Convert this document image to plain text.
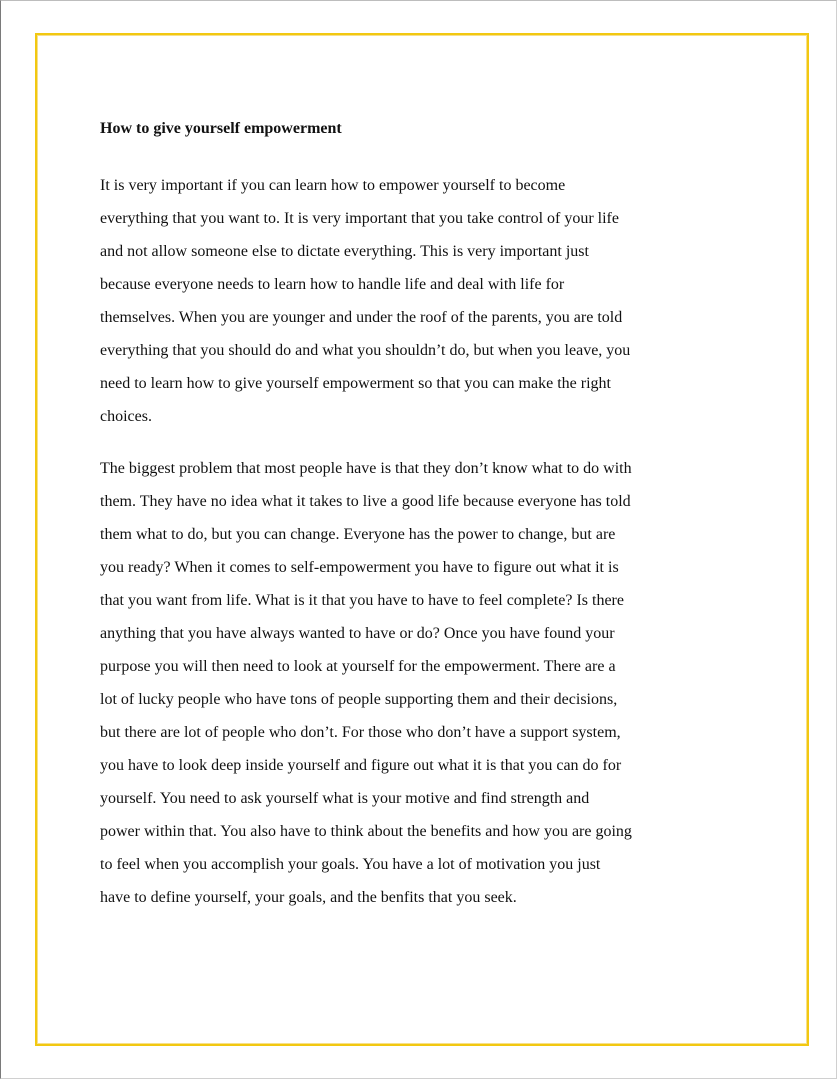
How to give yourself empowerment
It is very important if you can learn how to empower yourself to become
everything that you want to. It is very important that you take control of your life
and not allow someone else to dictate everything. This is very important just
because everyone needs to learn how to handle life and deal with life for
themselves. When you are younger and under the roof of the parents, you are told
everything that you should do and what you shouldn’t do, but when you leave, you
need to learn how to give yourself empowerment so that you can make the right
choices.
The biggest problem that most people have is that they don’t know what to do with
them. They have no idea what it takes to live a good life because everyone has told
them what to do, but you can change. Everyone has the power to change, but are
you ready? When it comes to self-empowerment you have to figure out what it is
that you want from life. What is it that you have to have to feel complete? Is there
anything that you have always wanted to have or do? Once you have found your
purpose you will then need to look at yourself for the empowerment. There are a
lot of lucky people who have tons of people supporting them and their decisions,
but there are lot of people who don’t. For those who don’t have a support system,
you have to look deep inside yourself and figure out what it is that you can do for
yourself. You need to ask yourself what is your motive and find strength and
power within that. You also have to think about the benefits and how you are going
to feel when you accomplish your goals. You have a lot of motivation you just
have to define yourself, your goals, and the benfits that you seek.
